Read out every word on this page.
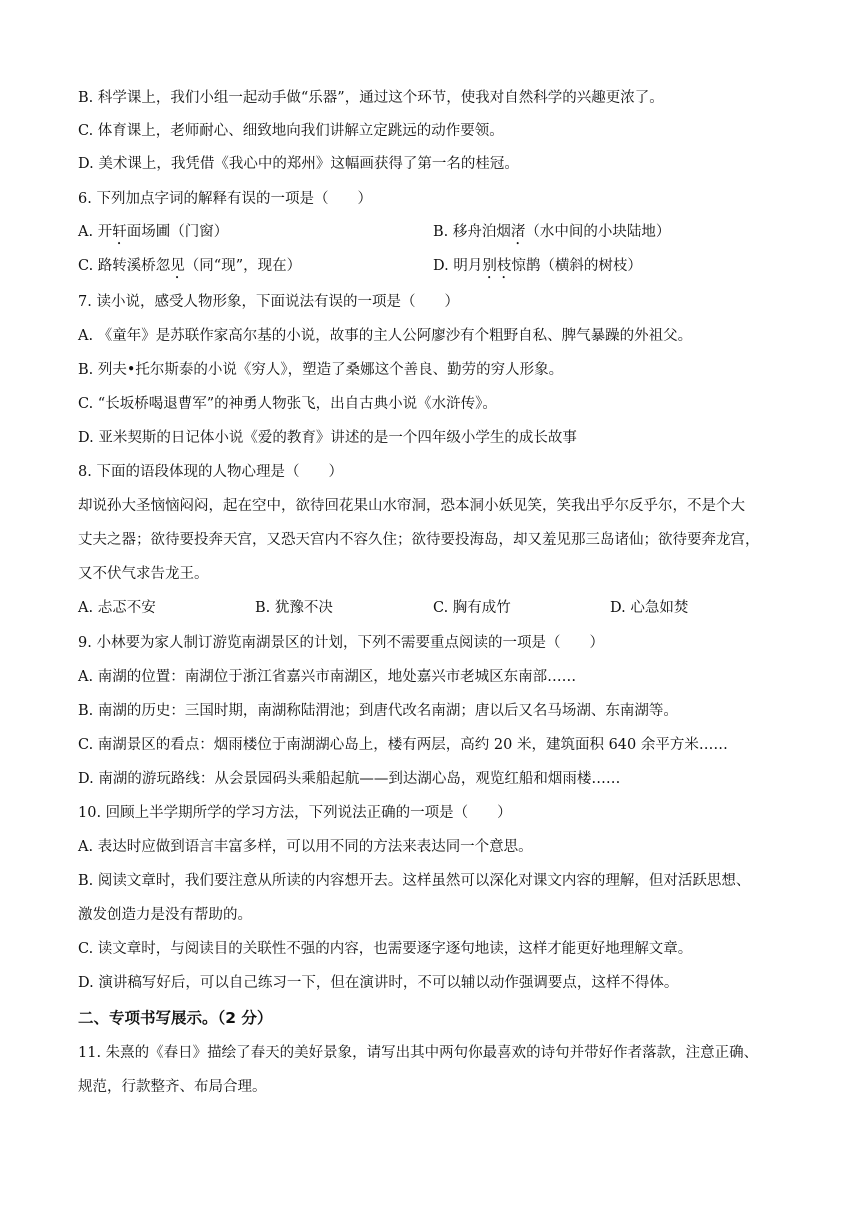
B. 科学课上，我们小组一起动手做“乐器”，通过这个环节，使我对自然科学的兴趣更浓了。
C. 体育课上，老师耐心、细致地向我们讲解立定跳远的动作要领。
D. 美术课上，我凭借《我心中的郑州》这幅画获得了第一名的桂冠。
6. 下列加点字词的解释有误的一项是（　　）
A. 开轩面场圃（门窗）	B. 移舟泊烟渚（水中间的小块陆地）
C. 路转溪桥忽见（同“现”，现在）	D. 明月别枝惊鹊（横斜的树枝）
7. 读小说，感受人物形象，下面说法有误的一项是（　　）
A. 《童年》是苏联作家高尔基的小说，故事的主人公阿廖沙有个粗野自私、脾气暴躁的外祖父。
B. 列夫•托尔斯泰的小说《穷人》，塑造了桑娜这个善良、勤劳的穷人形象。
C. “长坂桥喝退曹军”的神勇人物张飞，出自古典小说《水浒传》。
D. 亚米契斯的日记体小说《爱的教育》讲述的是一个四年级小学生的成长故事
8. 下面的语段体现的人物心理是（　　）
却说孙大圣恼恼闷闷，起在空中，欲待回花果山水帘洞，恐本洞小妖见笑，笑我出乎尔反乎尔，不是个大
丈夫之器；欲待要投奔天宫，又恐天宫内不容久住；欲待要投海岛，却又羞见那三岛诸仙；欲待要奔龙宫，
又不伏气求告龙王。
A. 忐忑不安	B. 犹豫不决	C. 胸有成竹	D. 心急如焚
9. 小林要为家人制订游览南湖景区的计划，下列不需要重点阅读的一项是（　　）
A. 南湖的位置：南湖位于浙江省嘉兴市南湖区，地处嘉兴市老城区东南部……
B. 南湖的历史：三国时期，南湖称陆渭池；到唐代改名南湖；唐以后又名马场湖、东南湖等。
C. 南湖景区的看点：烟雨楼位于南湖湖心岛上，楼有两层，高约 20 米，建筑面积 640 余平方米……
D. 南湖的游玩路线：从会景园码头乘船起航——到达湖心岛，观览红船和烟雨楼……
10. 回顾上半学期所学的学习方法，下列说法正确的一项是（　　）
A. 表达时应做到语言丰富多样，可以用不同的方法来表达同一个意思。
B. 阅读文章时，我们要注意从所读的内容想开去。这样虽然可以深化对课文内容的理解，但对活跃思想、
激发创造力是没有帮助的。
C. 读文章时，与阅读目的关联性不强的内容，也需要逐字逐句地读，这样才能更好地理解文章。
D. 演讲稿写好后，可以自己练习一下，但在演讲时，不可以辅以动作强调要点，这样不得体。
二、专项书写展示。（2 分）
11. 朱熹的《春日》描绘了春天的美好景象，请写出其中两句你最喜欢的诗句并带好作者落款，注意正确、
规范，行款整齐、布局合理。
